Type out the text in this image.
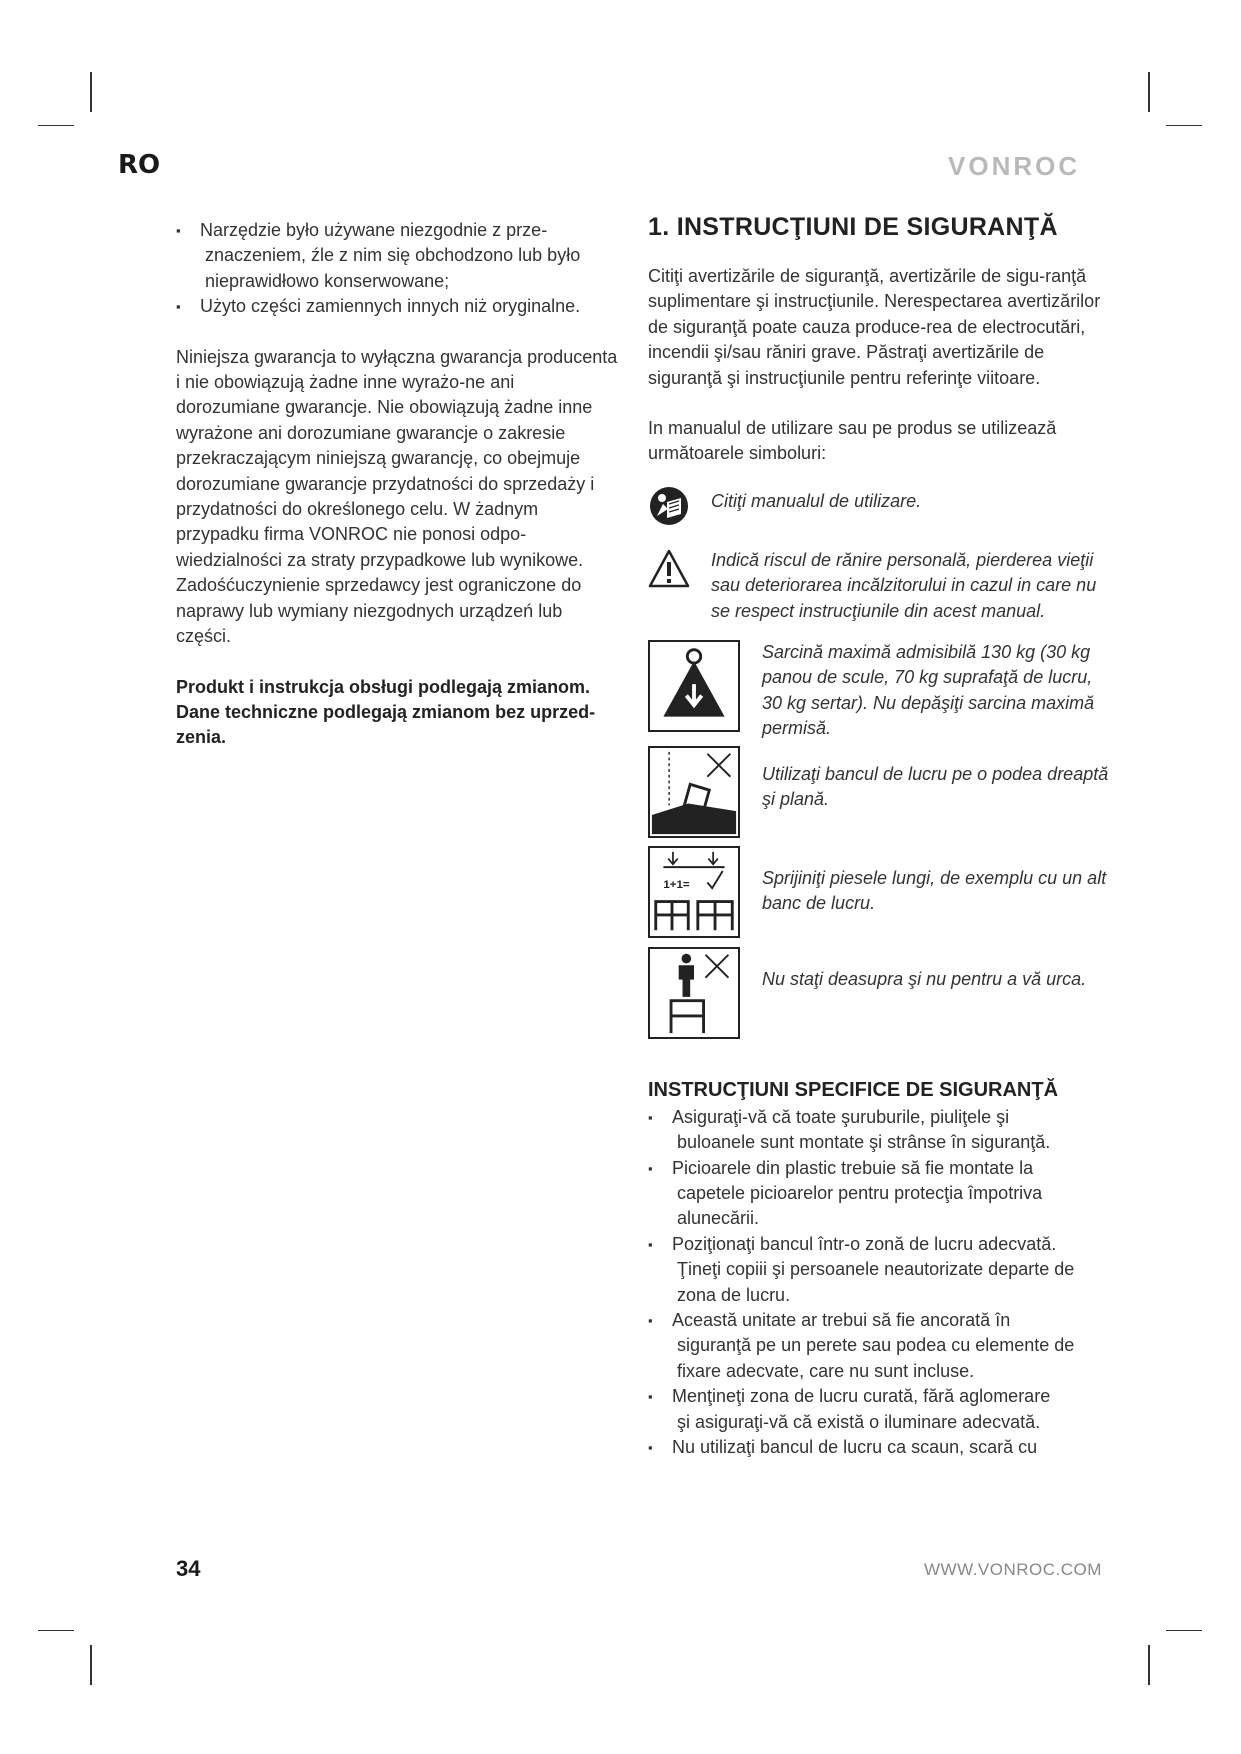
RO	VONROC
▪ Narzędzie było używane niezgodnie z prze-
znaczeniem, źle z nim się obchodzono lub było nieprawidłowo konserwowane;
▪ Użyto części zamiennych innych niż oryginalne.

Niniejsza gwarancja to wyłączna gwarancja producenta i nie obowiązują żadne inne wyrażo-ne ani dorozumiane gwarancje. Nie obowiązują żadne inne wyrażone ani dorozumiane gwarancje o zakresie przekraczającym niniejszą gwarancję, co obejmuje dorozumiane gwarancje przydatności do sprzedaży i przydatności do określonego celu. W żadnym przypadku firma VONROC nie ponosi odpo-wiedzialności za straty przypadkowe lub wynikowe. Zadośćuczynienie sprzedawcy jest ograniczone do naprawy lub wymiany niezgodnych urządzeń lub części.

Produkt i instrukcja obsługi podlegają zmianom. Dane techniczne podlegają zmianom bez uprzed-zenia.

1. INSTRUCŢIUNI DE SIGURANŢĂ

Citiţi avertizările de siguranţă, avertizările de sigu-ranţă suplimentare şi instrucţiunile. Nerespectarea avertizărilor de siguranţă poate cauza produce-rea de electrocutări, incendii şi/sau răniri grave. Păstraţi avertizările de siguranţă şi instrucţiunile pentru referinţe viitoare.

In manualul de utilizare sau pe produs se utilizează următoarele simboluri:

Citiţi manualul de utilizare.
Indică riscul de rănire personală, pierderea vieţii sau deteriorarea incălzitorului in cazul in care nu se respect instrucţiunile din acest manual.
Sarcină maximă admisibilă 130 kg (30 kg panou de scule, 70 kg suprafaţă de lucru, 30 kg sertar). Nu depăşiţi sarcina maximă permisă.
Utilizaţi bancul de lucru pe o podea dreaptă şi plană.
1+1=	Sprijiniţi piesele lungi, de exemplu cu un alt banc de lucru.
Nu staţi deasupra şi nu pentru a vă urca.
INSTRUCŢIUNI SPECIFICE DE SIGURANŢĂ
▪ Asiguraţi-vă că toate şuruburile, piuliţele şi
buloanele sunt montate şi strânse în siguranţă.
▪ Picioarele din plastic trebuie să fie montate la
capetele picioarelor pentru protecţia împotriva alunecării.
▪ Poziţionaţi bancul într-o zonă de lucru adecvată.
Ţineţi copiii şi persoanele neautorizate departe de zona de lucru.
▪ Această unitate ar trebui să fie ancorată în
siguranţă pe un perete sau podea cu elemente de fixare adecvate, care nu sunt incluse.
▪ Menţineţi zona de lucru curată, fără aglomerare
şi asiguraţi-vă că există o iluminare adecvată.
▪ Nu utilizaţi bancul de lucru ca scaun, scară cu
34	WWW.VONROC.COM
